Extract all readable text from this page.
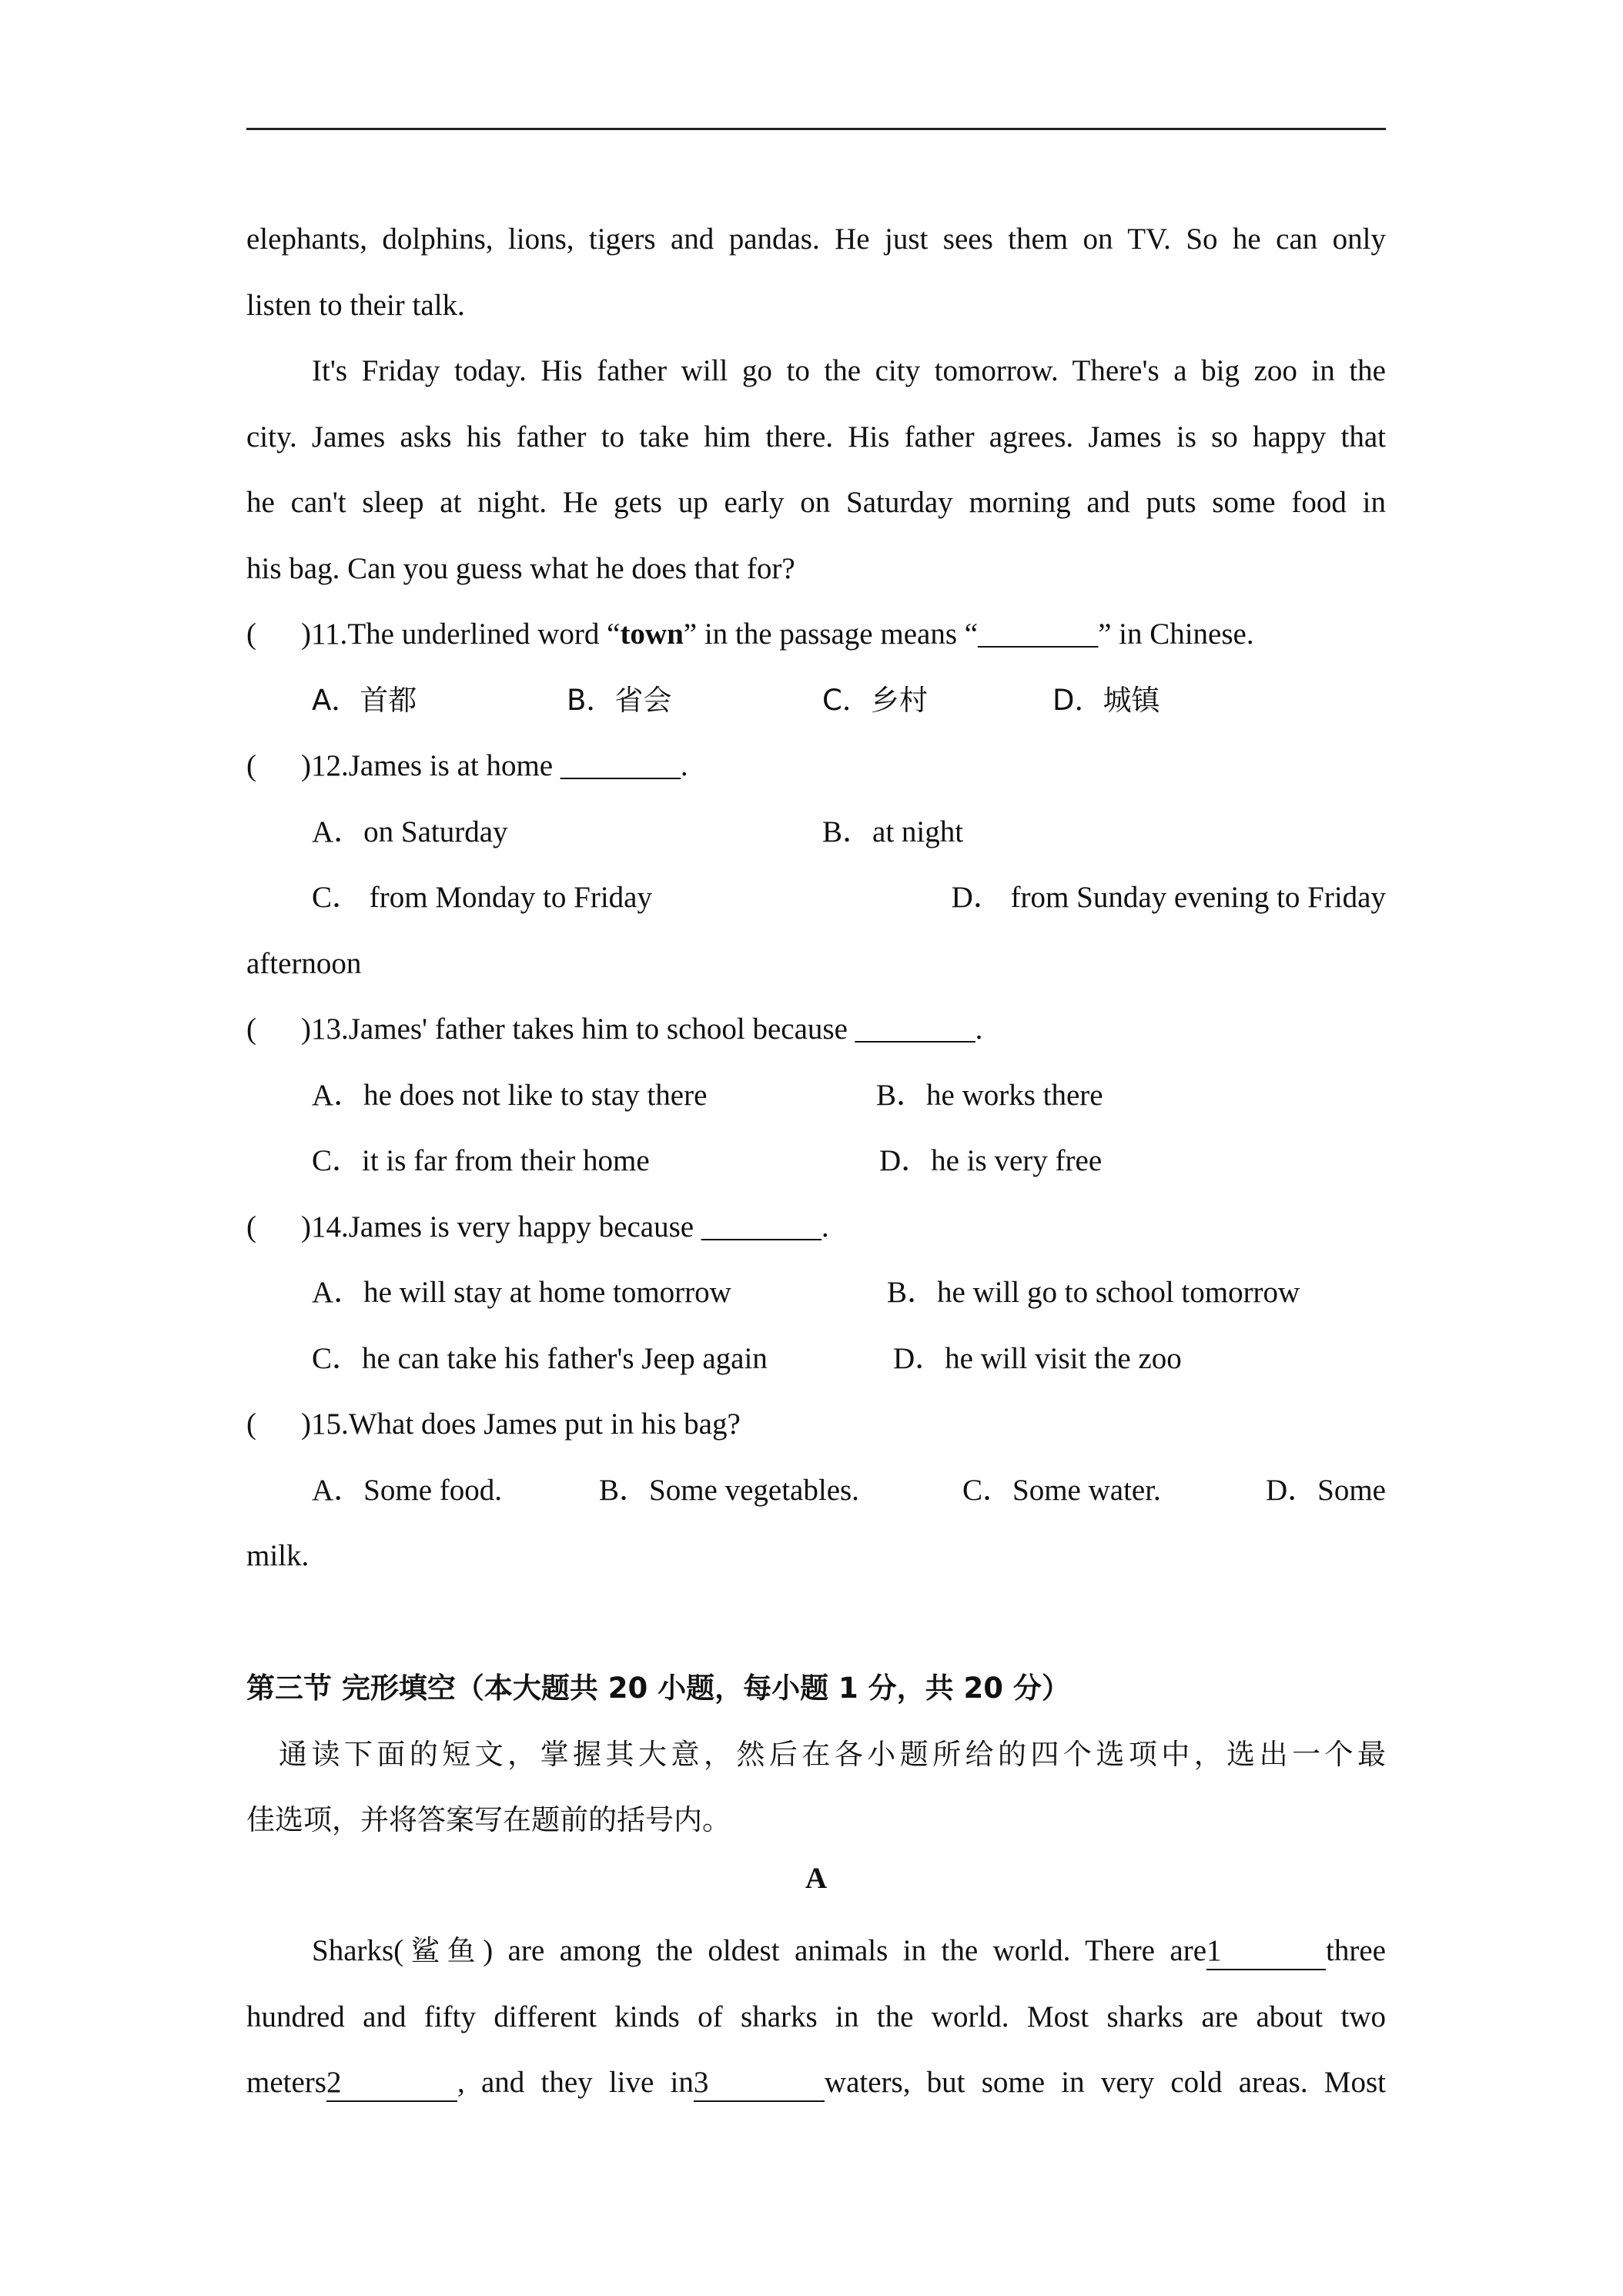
elephants, dolphins, lions, tigers and pandas. He just sees them on TV. So he can only
listen to their talk.
It's Friday today. His father will go to the city tomorrow. There's a big zoo in the
city. James asks his father to take him there. His father agrees. James is so happy that
he can't sleep at night. He gets up early on Saturday morning and puts some food in
his bag. Can you guess what he does that for?
( )11.The underlined word “town” in the passage means “________” in Chinese.
A．首都	B．省会	C．乡村	D．城镇
( )12.James is at home ________.
A．on Saturday	B．at night
C． from Monday to Friday	D． from Sunday evening to Friday
afternoon
( )13.James' father takes him to school because ________.
A．he does not like to stay there	B．he works there
C．it is far from their home	D．he is very free
( )14.James is very happy because ________.
A．he will stay at home tomorrow	B．he will go to school tomorrow
C．he can take his father's Jeep again	D．he will visit the zoo
( )15.What does James put in his bag?
A．Some food.	B．Some vegetables.	C．Some water.	D．Some
milk.
第三节 完形填空（本大题共 20 小题，每小题 1 分，共 20 分）
通读下面的短文，掌握其大意，然后在各小题所给的四个选项中，选出一个最
佳选项，并将答案写在题前的括号内。
A
Sharks(鲨鱼) are among the oldest animals in the world. There are1	three
hundred and fifty different kinds of sharks in the world. Most sharks are about two
meters2	, and they live in3	waters, but some in very cold areas. Most
